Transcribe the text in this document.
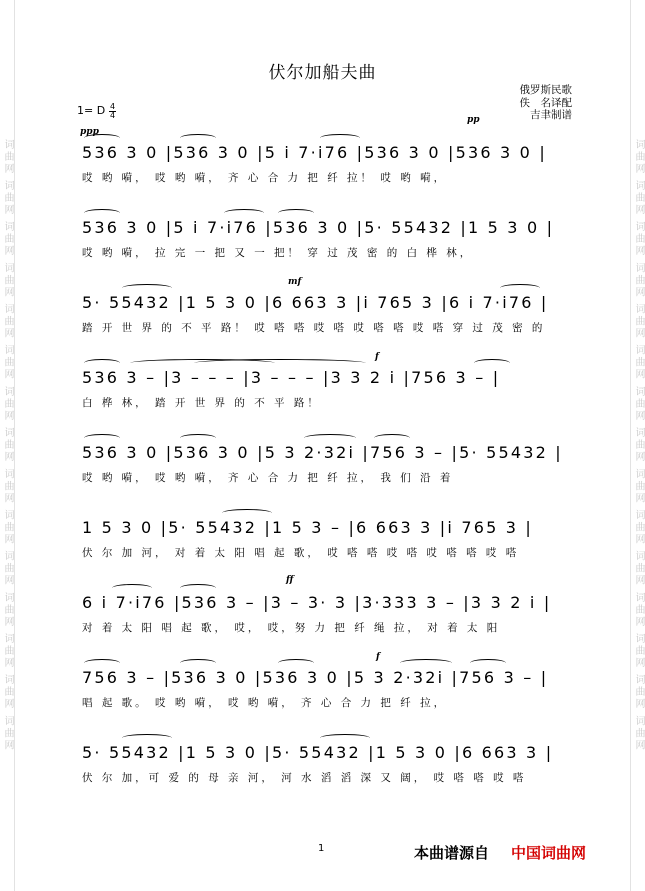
词曲网 词曲网 词曲网 词曲网 词曲网 词曲网 词曲网 词曲网 词曲网 词曲网 词曲网 词曲网 词曲网 词曲网 词曲网
词曲网 词曲网 词曲网 词曲网 词曲网 词曲网 词曲网 词曲网 词曲网 词曲网 词曲网 词曲网 词曲网 词曲网 词曲网
伏尔加船夫曲
俄罗斯民歌
佚　名译配
吉聿制谱
1= D 4
4
ppp
pp
mf
f
ff
f
536 3 0 |536 3 0 |5 i 7·i76 |536 3 0 |536 3 0 |
哎 哟 嗬， 哎 哟 嗬， 齐 心 合 力 把 纤 拉！ 哎 哟 嗬，
536 3 0 |5 i 7·i76 |536 3 0 |5· 55432 |1 5 3 0 |
哎 哟 嗬， 拉 完 一 把 又 一 把！ 穿 过 茂 密 的 白 桦 林，
5· 55432 |1 5 3 0 |6 663 3 |i 765 3 |6 i 7·i76 |
踏 开 世 界 的 不 平 路！ 哎 嗒 嗒 哎 嗒 哎 嗒 嗒 哎 嗒 穿 过 茂 密 的
536 3 – |3 – – – |3 – – – |3 3 2 i |756 3 – |
白 桦 林， 踏 开 世 界 的 不 平 路！
536 3 0 |536 3 0 |5 3 2·32i |756 3 – |5· 55432 |
哎 哟 嗬， 哎 哟 嗬， 齐 心 合 力 把 纤 拉， 我 们 沿 着
1 5 3 0 |5· 55432 |1 5 3 – |6 663 3 |i 765 3 |
伏 尔 加 河， 对 着 太 阳 唱 起 歌， 哎 嗒 嗒 哎 嗒 哎 嗒 嗒 哎 嗒
6 i 7·i76 |536 3 – |3 – 3· 3 |3·333 3 – |3 3 2 i |
对 着 太 阳 唱 起 歌， 哎， 哎，努 力 把 纤 绳 拉， 对 着 太 阳
756 3 – |536 3 0 |536 3 0 |5 3 2·32i |756 3 – |
唱 起 歌。 哎 哟 嗬， 哎 哟 嗬， 齐 心 合 力 把 纤 拉，
5· 55432 |1 5 3 0 |5· 55432 |1 5 3 0 |6 663 3 |
伏 尔 加，可 爱 的 母 亲 河， 河 水 滔 滔 深 又 阔， 哎 嗒 嗒 哎 嗒
1	本曲谱源自 中国词曲网
